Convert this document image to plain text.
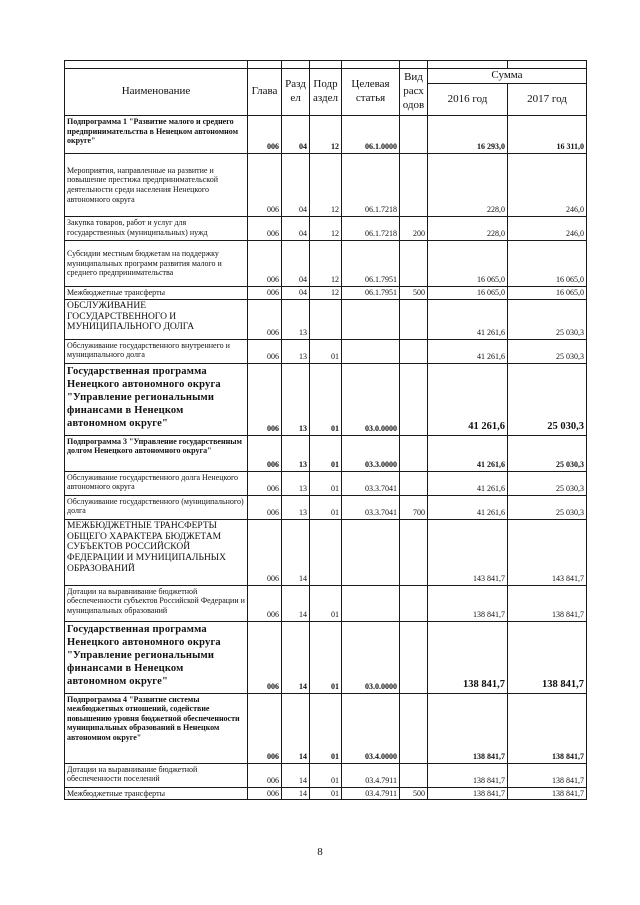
Наименование	Глава	Разд ел	Подр аздел	Целевая статья	Вид расх одов	Сумма	
						2016 год	2017 год
Подпрограмма 1 "Развитие малого и среднего предпринимательства в Ненецком автономном округе"	006	04	12	06.1.0000		16 293,0	16 311,0
Мероприятия, направленные на развитие и повышение престижа предпринимательской деятельности среди населения Ненецкого автономного округа	006	04	12	06.1.7218		228,0	246,0
Закупка товаров, работ и услуг для государственных (муниципальных) нужд	006	04	12	06.1.7218	200	228,0	246,0
Субсидии местным бюджетам на поддержку муниципальных программ развития малого и среднего предпринимательства	006	04	12	06.1.7951		16 065,0	16 065,0
Межбюджетные трансферты	006	04	12	06.1.7951	500	16 065,0	16 065,0
ОБСЛУЖИВАНИЕ ГОСУДАРСТВЕННОГО И МУНИЦИПАЛЬНОГО ДОЛГА	006	13				41 261,6	25 030,3
Обслуживание государственного внутреннего и муниципального долга	006	13	01			41 261,6	25 030,3
Государственная программа Ненецкого автономного округа "Управление региональными финансами в Ненецком автономном округе"	006	13	01	03.0.0000		41 261,6	25 030,3
Подпрограмма 3 "Управление государственным долгом Ненецкого автономного округа"	006	13	01	03.3.0000		41 261,6	25 030,3
Обслуживание государственного долга Ненецкого автономного округа	006	13	01	03.3.7041		41 261,6	25 030,3
Обслуживание государственного (муниципального) долга	006	13	01	03.3.7041	700	41 261,6	25 030,3
МЕЖБЮДЖЕТНЫЕ ТРАНСФЕРТЫ ОБЩЕГО ХАРАКТЕРА БЮДЖЕТАМ СУБЪЕКТОВ РОССИЙСКОЙ ФЕДЕРАЦИИ И МУНИЦИПАЛЬНЫХ ОБРАЗОВАНИЙ	006	14				143 841,7	143 841,7
Дотации на выравнивание бюджетной обеспеченности субъектов Российской Федерации и муниципальных образований	006	14	01			138 841,7	138 841,7
Государственная программа Ненецкого автономного округа "Управление региональными финансами в Ненецком автономном округе"	006	14	01	03.0.0000		138 841,7	138 841,7
Подпрограмма 4 "Развитие системы межбюджетных отношений, содействие повышению уровня бюджетной обеспеченности муниципальных образований в Ненецком автономном округе"	006	14	01	03.4.0000		138 841,7	138 841,7
Дотации на выравнивание бюджетной обеспеченности поселений	006	14	01	03.4.7911		138 841,7	138 841,7
Межбюджетные трансферты	006	14	01	03.4.7911	500	138 841,7	138 841,7
8
